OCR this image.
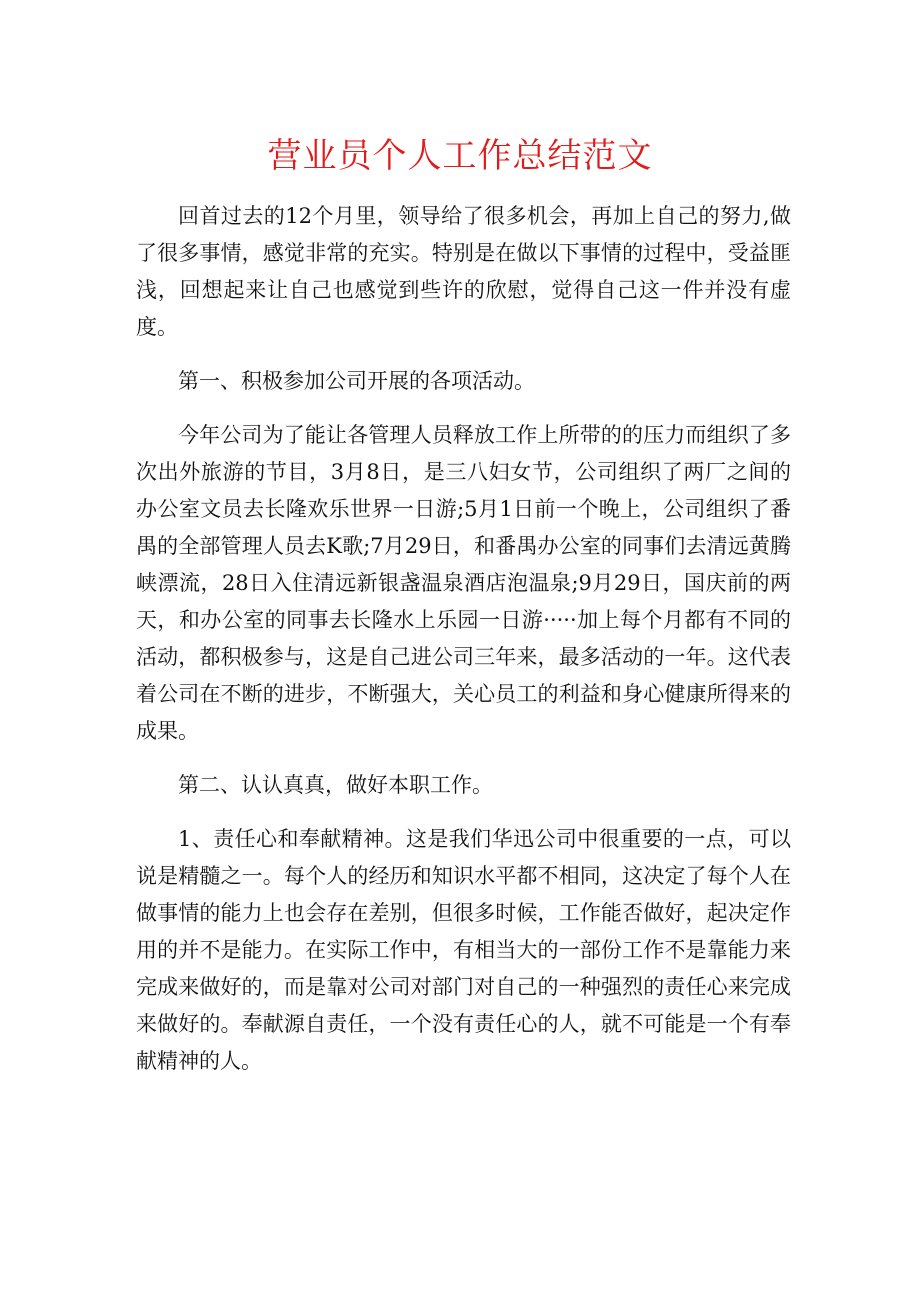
营业员个人工作总结范文

回首过去的12个月里，领导给了很多机会，再加上自己的努力,做了很多事情，感觉非常的充实。特别是在做以下事情的过程中，受益匪浅，回想起来让自己也感觉到些许的欣慰，觉得自己这一件并没有虚度。

第一、积极参加公司开展的各项活动。

今年公司为了能让各管理人员释放工作上所带的的压力而组织了多次出外旅游的节目，3月8日，是三八妇女节，公司组织了两厂之间的办公室文员去长隆欢乐世界一日游;5月1日前一个晚上，公司组织了番禺的全部管理人员去K歌;7月29日，和番禺办公室的同事们去清远黄腾峡漂流，28日入住清远新银盏温泉酒店泡温泉;9月29日，国庆前的两天，和办公室的同事去长隆水上乐园一日游·····加上每个月都有不同的活动，都积极参与，这是自己进公司三年来，最多活动的一年。这代表着公司在不断的进步，不断强大，关心员工的利益和身心健康所得来的成果。

第二、认认真真，做好本职工作。

1、责任心和奉献精神。这是我们华迅公司中很重要的一点，可以说是精髓之一。每个人的经历和知识水平都不相同，这决定了每个人在做事情的能力上也会存在差别，但很多时候，工作能否做好，起决定作用的并不是能力。在实际工作中，有相当大的一部份工作不是靠能力来完成来做好的，而是靠对公司对部门对自己的一种强烈的责任心来完成来做好的。奉献源自责任，一个没有责任心的人，就不可能是一个有奉献精神的人。
